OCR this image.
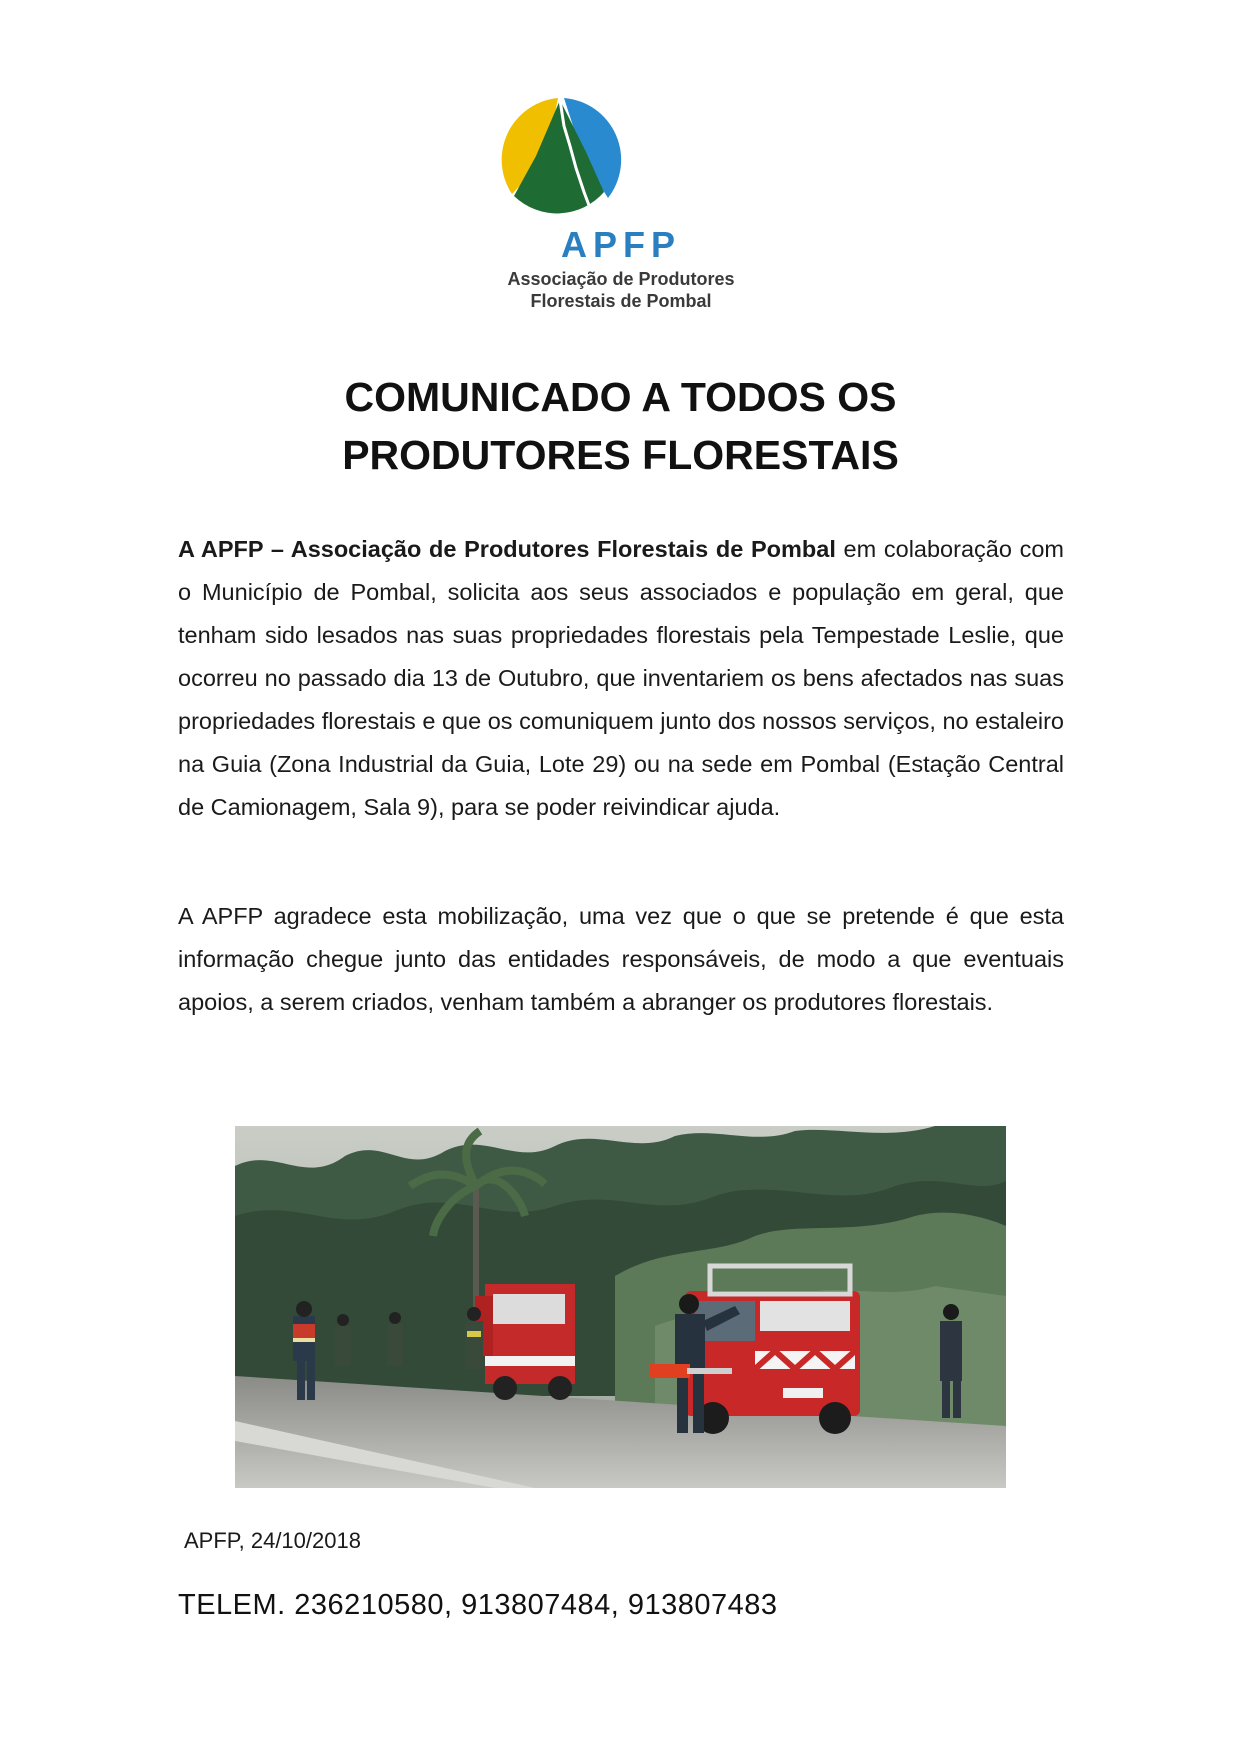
APFP
Associação de Produtores
Florestais de Pombal
COMUNICADO A TODOS OS
PRODUTORES FLORESTAIS

A APFP – Associação de Produtores Florestais de Pombal em colaboração com o Município de Pombal, solicita aos seus associados e população em geral, que tenham sido lesados nas suas propriedades florestais pela Tempestade Leslie, que ocorreu no passado dia 13 de Outubro, que inventariem os bens afectados nas suas propriedades florestais e que os comuniquem junto dos nossos serviços, no estaleiro na Guia (Zona Industrial da Guia, Lote 29) ou na sede em Pombal (Estação Central de Camionagem, Sala 9), para se poder reivindicar ajuda.

A APFP agradece esta mobilização, uma vez que o que se pretende é que esta informação chegue junto das entidades responsáveis, de modo a que eventuais apoios, a serem criados, venham também a abranger os produtores florestais.

APFP, 24/10/2018
TELEM. 236210580, 913807484, 913807483
